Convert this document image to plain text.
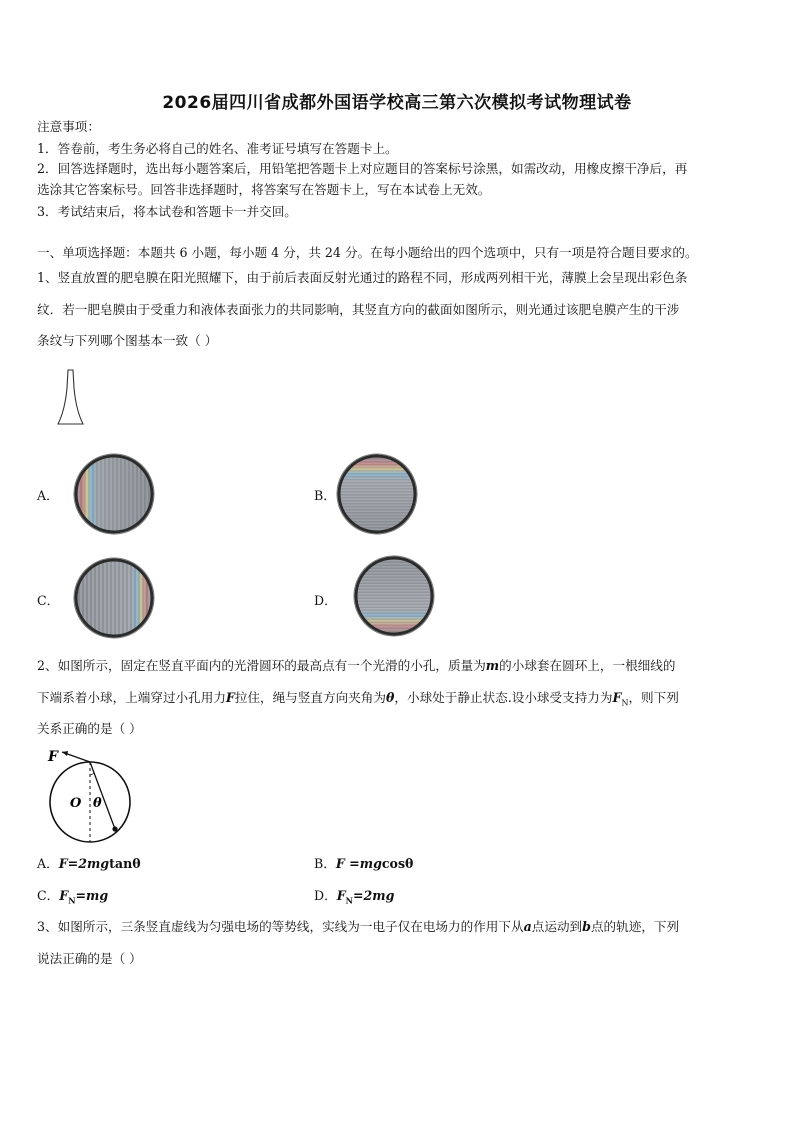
2026届四川省成都外国语学校高三第六次模拟考试物理试卷
注意事项：
1．答卷前，考生务必将自己的姓名、准考证号填写在答题卡上。
2．回答选择题时，选出每小题答案后，用铅笔把答题卡上对应题目的答案标号涂黑，如需改动，用橡皮擦干净后，再
选涂其它答案标号。回答非选择题时，将答案写在答题卡上，写在本试卷上无效。
3．考试结束后，将本试卷和答题卡一并交回。
一、单项选择题：本题共 6 小题，每小题 4 分，共 24 分。在每小题给出的四个选项中，只有一项是符合题目要求的。
1、竖直放置的肥皂膜在阳光照耀下，由于前后表面反射光通过的路程不同，形成两列相干光，薄膜上会呈现出彩色条
纹．若一肥皂膜由于受重力和液体表面张力的共同影响，其竖直方向的截面如图所示，则光通过该肥皂膜产生的干涉
条纹与下列哪个图基本一致（ ）
A．	B．
C．	D．
2、如图所示，固定在竖直平面内的光滑圆环的最高点有一个光滑的小孔，质量为m的小球套在圆环上，一根细线的
下端系着小球，上端穿过小孔用力F拉住，绳与竖直方向夹角为θ，小球处于静止状态.设小球受支持力为$F_N$，则下列
关系正确的是（ ）
F
O θ
A．F=2mgtanθ	B．F =mgcosθ
C．$F_N=mg$	D．$F_N=2mg$
3、如图所示，三条竖直虚线为匀强电场的等势线，实线为一电子仅在电场力的作用下从a点运动到b点的轨迹，下列
说法正确的是（ ）
